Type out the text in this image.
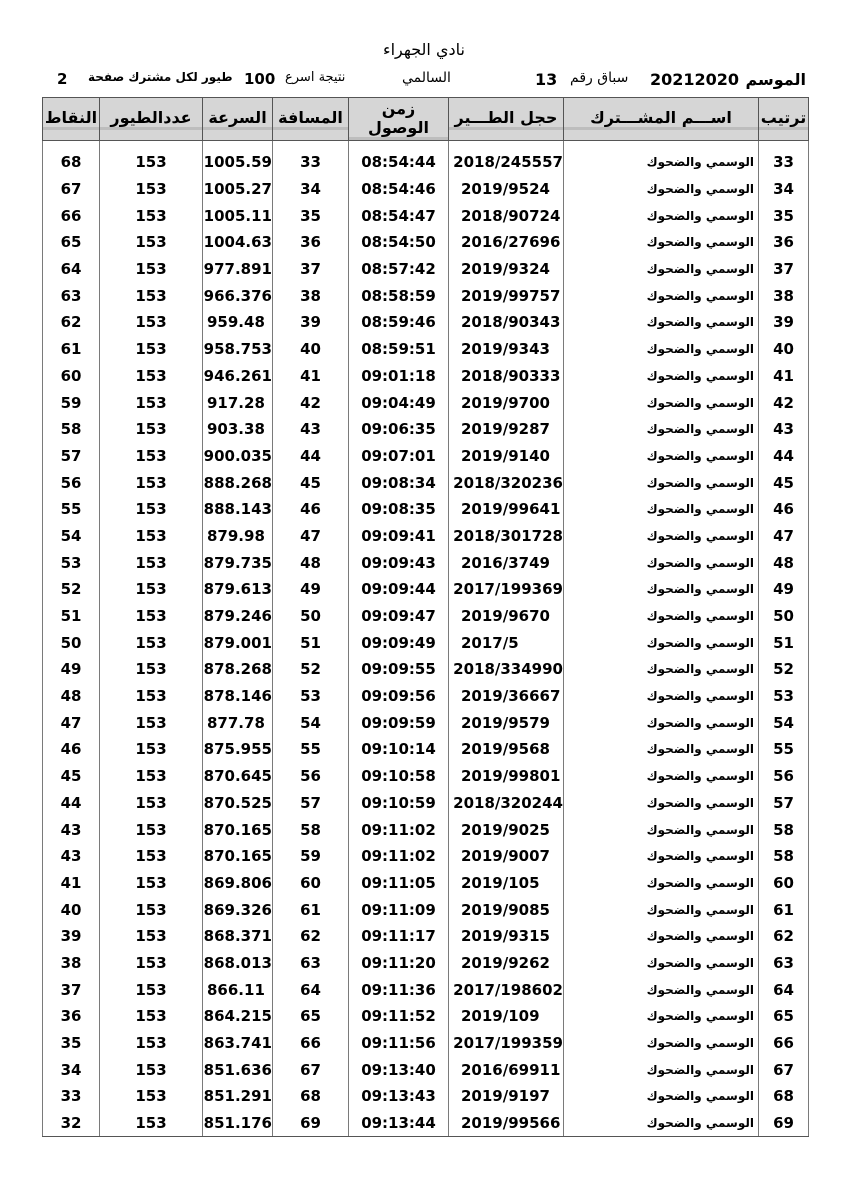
نادي الجهراء
الموسم
20212020
سباق رقم
13
السالمي
نتيجة اسرع
100
طيور لكل مشترك صفحة
2
ترتيب	اســـم المشـــترك	حجل الطـــير	زمن الوصول	المسافة	السرعة	عددالطيور	النقاط

33	الوسمي والضحوك	2018/245557	08:54:44	33	1005.59	153	68
34	الوسمي والضحوك	2019/9524	08:54:46	34	1005.27	153	67
35	الوسمي والضحوك	2018/90724	08:54:47	35	1005.11	153	66
36	الوسمي والضحوك	2016/27696	08:54:50	36	1004.63	153	65
37	الوسمي والضحوك	2019/9324	08:57:42	37	977.891	153	64
38	الوسمي والضحوك	2019/99757	08:58:59	38	966.376	153	63
39	الوسمي والضحوك	2018/90343	08:59:46	39	959.48	153	62
40	الوسمي والضحوك	2019/9343	08:59:51	40	958.753	153	61
41	الوسمي والضحوك	2018/90333	09:01:18	41	946.261	153	60
42	الوسمي والضحوك	2019/9700	09:04:49	42	917.28	153	59
43	الوسمي والضحوك	2019/9287	09:06:35	43	903.38	153	58
44	الوسمي والضحوك	2019/9140	09:07:01	44	900.035	153	57
45	الوسمي والضحوك	2018/320236	09:08:34	45	888.268	153	56
46	الوسمي والضحوك	2019/99641	09:08:35	46	888.143	153	55
47	الوسمي والضحوك	2018/301728	09:09:41	47	879.98	153	54
48	الوسمي والضحوك	2016/3749	09:09:43	48	879.735	153	53
49	الوسمي والضحوك	2017/199369	09:09:44	49	879.613	153	52
50	الوسمي والضحوك	2019/9670	09:09:47	50	879.246	153	51
51	الوسمي والضحوك	2017/5	09:09:49	51	879.001	153	50
52	الوسمي والضحوك	2018/334990	09:09:55	52	878.268	153	49
53	الوسمي والضحوك	2019/36667	09:09:56	53	878.146	153	48
54	الوسمي والضحوك	2019/9579	09:09:59	54	877.78	153	47
55	الوسمي والضحوك	2019/9568	09:10:14	55	875.955	153	46
56	الوسمي والضحوك	2019/99801	09:10:58	56	870.645	153	45
57	الوسمي والضحوك	2018/320244	09:10:59	57	870.525	153	44
58	الوسمي والضحوك	2019/9025	09:11:02	58	870.165	153	43
58	الوسمي والضحوك	2019/9007	09:11:02	59	870.165	153	43
60	الوسمي والضحوك	2019/105	09:11:05	60	869.806	153	41
61	الوسمي والضحوك	2019/9085	09:11:09	61	869.326	153	40
62	الوسمي والضحوك	2019/9315	09:11:17	62	868.371	153	39
63	الوسمي والضحوك	2019/9262	09:11:20	63	868.013	153	38
64	الوسمي والضحوك	2017/198602	09:11:36	64	866.11	153	37
65	الوسمي والضحوك	2019/109	09:11:52	65	864.215	153	36
66	الوسمي والضحوك	2017/199359	09:11:56	66	863.741	153	35
67	الوسمي والضحوك	2016/69911	09:13:40	67	851.636	153	34
68	الوسمي والضحوك	2019/9197	09:13:43	68	851.291	153	33
69	الوسمي والضحوك	2019/99566	09:13:44	69	851.176	153	32
